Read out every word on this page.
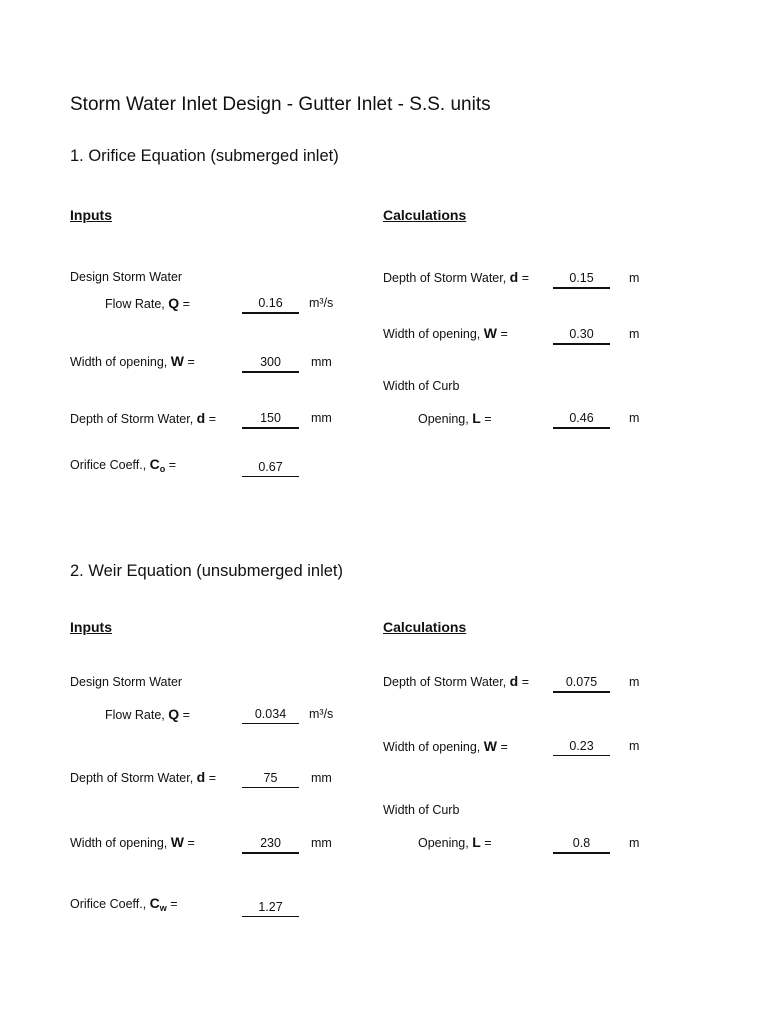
Storm Water Inlet Design - Gutter Inlet - S.S. units
1. Orifice Equation (submerged inlet)
Inputs	Calculations
Design Storm Water
Flow Rate, Q =	0.16	m³/s
Width of opening, W =	300	mm
Depth of Storm Water, d =	150	mm
Orifice Coeff., $C_o$ =	0.67
Depth of Storm Water, d =	0.15	m
Width of opening, W =	0.30	m
Width of Curb
Opening, L =	0.46	m
2. Weir Equation (unsubmerged inlet)
Inputs	Calculations
Design Storm Water
Flow Rate, Q =	0.034	m³/s
Depth of Storm Water, d =	75	mm
Width of opening, W =	230	mm
Orifice Coeff., $C_w$ =	1.27
Depth of Storm Water, d =	0.075	m
Width of opening, W =	0.23	m
Width of Curb
Opening, L =	0.8	m
